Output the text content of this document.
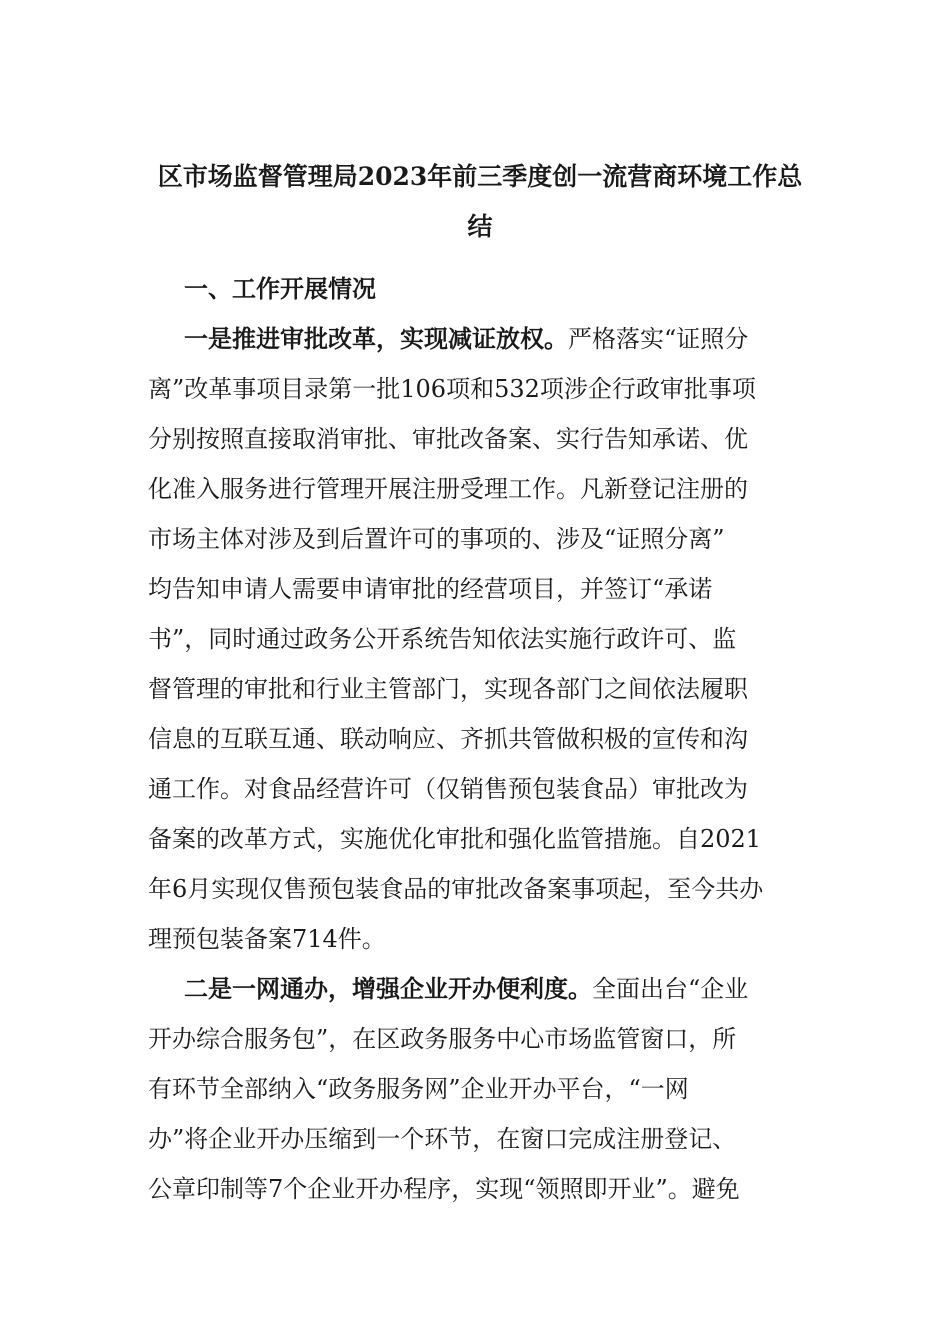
区市场监督管理局2023年前三季度创一流营商环境工作总
结
一、工作开展情况

一是推进审批改革，实现减证放权。严格落实“证照分

离”改革事项目录第一批106项和532项涉企行政审批事项

分别按照直接取消审批、审批改备案、实行告知承诺、优

化准入服务进行管理开展注册受理工作。凡新登记注册的

市场主体对涉及到后置许可的事项的、涉及“证照分离”

均告知申请人需要申请审批的经营项目，并签订“承诺

书”，同时通过政务公开系统告知依法实施行政许可、监

督管理的审批和行业主管部门，实现各部门之间依法履职

信息的互联互通、联动响应、齐抓共管做积极的宣传和沟

通工作。对食品经营许可（仅销售预包装食品）审批改为

备案的改革方式，实施优化审批和强化监管措施。自2021

年6月实现仅售预包装食品的审批改备案事项起，至今共办

理预包装备案714件。

二是一网通办，增强企业开办便利度。全面出台“企业

开办综合服务包”，在区政务服务中心市场监管窗口，所

有环节全部纳入“政务服务网”企业开办平台，“一网

办”将企业开办压缩到一个环节，在窗口完成注册登记、

公章印制等7个企业开办程序，实现“领照即开业”。避免
